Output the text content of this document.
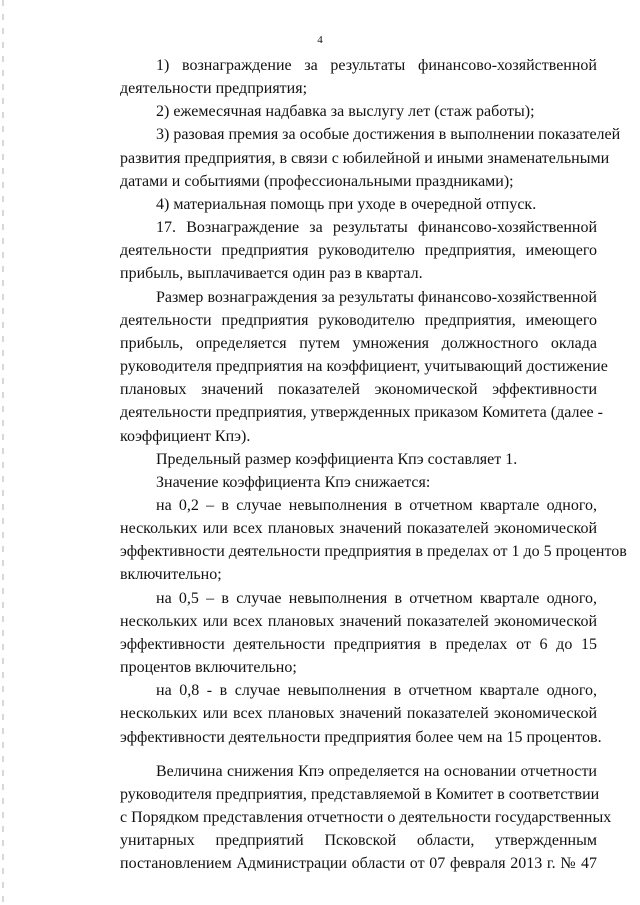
4

1) вознаграждение за результаты финансово-хозяйственной
деятельности предприятия;

2) ежемесячная надбавка за выслугу лет (стаж работы);

3) разовая премия за особые достижения в выполнении показателей
развития предприятия, в связи с юбилейной и иными знаменательными
датами и событиями (профессиональными праздниками);

4) материальная помощь при уходе в очередной отпуск.

17. Вознаграждение за результаты финансово-хозяйственной
деятельности предприятия руководителю предприятия, имеющего
прибыль, выплачивается один раз в квартал.

Размер вознаграждения за результаты финансово-хозяйственной
деятельности предприятия руководителю предприятия, имеющего
прибыль, определяется путем умножения должностного оклада
руководителя предприятия на коэффициент, учитывающий достижение
плановых значений показателей экономической эффективности
деятельности предприятия, утвержденных приказом Комитета (далее -
коэффициент Кпэ).

Предельный размер коэффициента Кпэ составляет 1.

Значение коэффициента Кпэ снижается:

на 0,2 – в случае невыполнения в отчетном квартале одного,
нескольких или всех плановых значений показателей экономической
эффективности деятельности предприятия в пределах от 1 до 5 процентов
включительно;

на 0,5 – в случае невыполнения в отчетном квартале одного,
нескольких или всех плановых значений показателей экономической
эффективности деятельности предприятия в пределах от 6 до 15
процентов включительно;

на 0,8 - в случае невыполнения в отчетном квартале одного,
нескольких или всех плановых значений показателей экономической
эффективности деятельности предприятия более чем на 15 процентов.

Величина снижения Кпэ определяется на основании отчетности
руководителя предприятия, представляемой в Комитет в соответствии
с Порядком представления отчетности о деятельности государственных
унитарных предприятий Псковской области, утвержденным
постановлением Администрации области от 07 февраля 2013 г. № 47
